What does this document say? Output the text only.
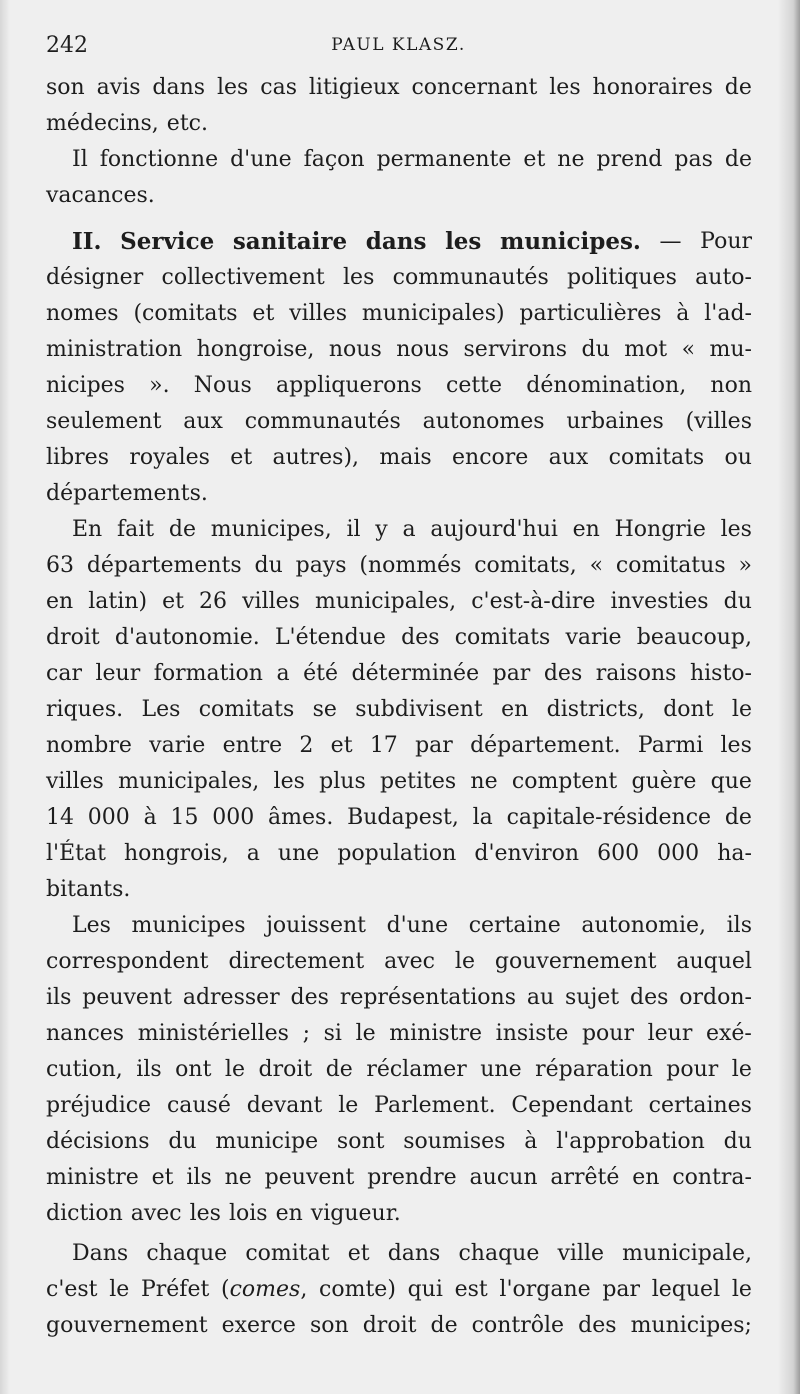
242	PAUL KLASZ.
son avis dans les cas litigieux concernant les honoraires de
médecins, etc.
Il fonctionne d'une façon permanente et ne prend pas de
vacances.
II. Service sanitaire dans les municipes. — Pour
désigner collectivement les communautés politiques auto-
nomes (comitats et villes municipales) particulières à l'ad-
ministration hongroise, nous nous servirons du mot « mu-
nicipes ». Nous appliquerons cette dénomination, non
seulement aux communautés autonomes urbaines (villes
libres royales et autres), mais encore aux comitats ou
départements.
En fait de municipes, il y a aujourd'hui en Hongrie les
63 départements du pays (nommés comitats, « comitatus »
en latin) et 26 villes municipales, c'est-à-dire investies du
droit d'autonomie. L'étendue des comitats varie beaucoup,
car leur formation a été déterminée par des raisons histo-
riques. Les comitats se subdivisent en districts, dont le
nombre varie entre 2 et 17 par département. Parmi les
villes municipales, les plus petites ne comptent guère que
14 000 à 15 000 âmes. Budapest, la capitale-résidence de
l'État hongrois, a une population d'environ 600 000 ha-
bitants.
Les municipes jouissent d'une certaine autonomie, ils
correspondent directement avec le gouvernement auquel
ils peuvent adresser des représentations au sujet des ordon-
nances ministérielles ; si le ministre insiste pour leur exé-
cution, ils ont le droit de réclamer une réparation pour le
préjudice causé devant le Parlement. Cependant certaines
décisions du municipe sont soumises à l'approbation du
ministre et ils ne peuvent prendre aucun arrêté en contra-
diction avec les lois en vigueur.
Dans chaque comitat et dans chaque ville municipale,
c'est le Préfet (comes, comte) qui est l'organe par lequel le
gouvernement exerce son droit de contrôle des municipes;
